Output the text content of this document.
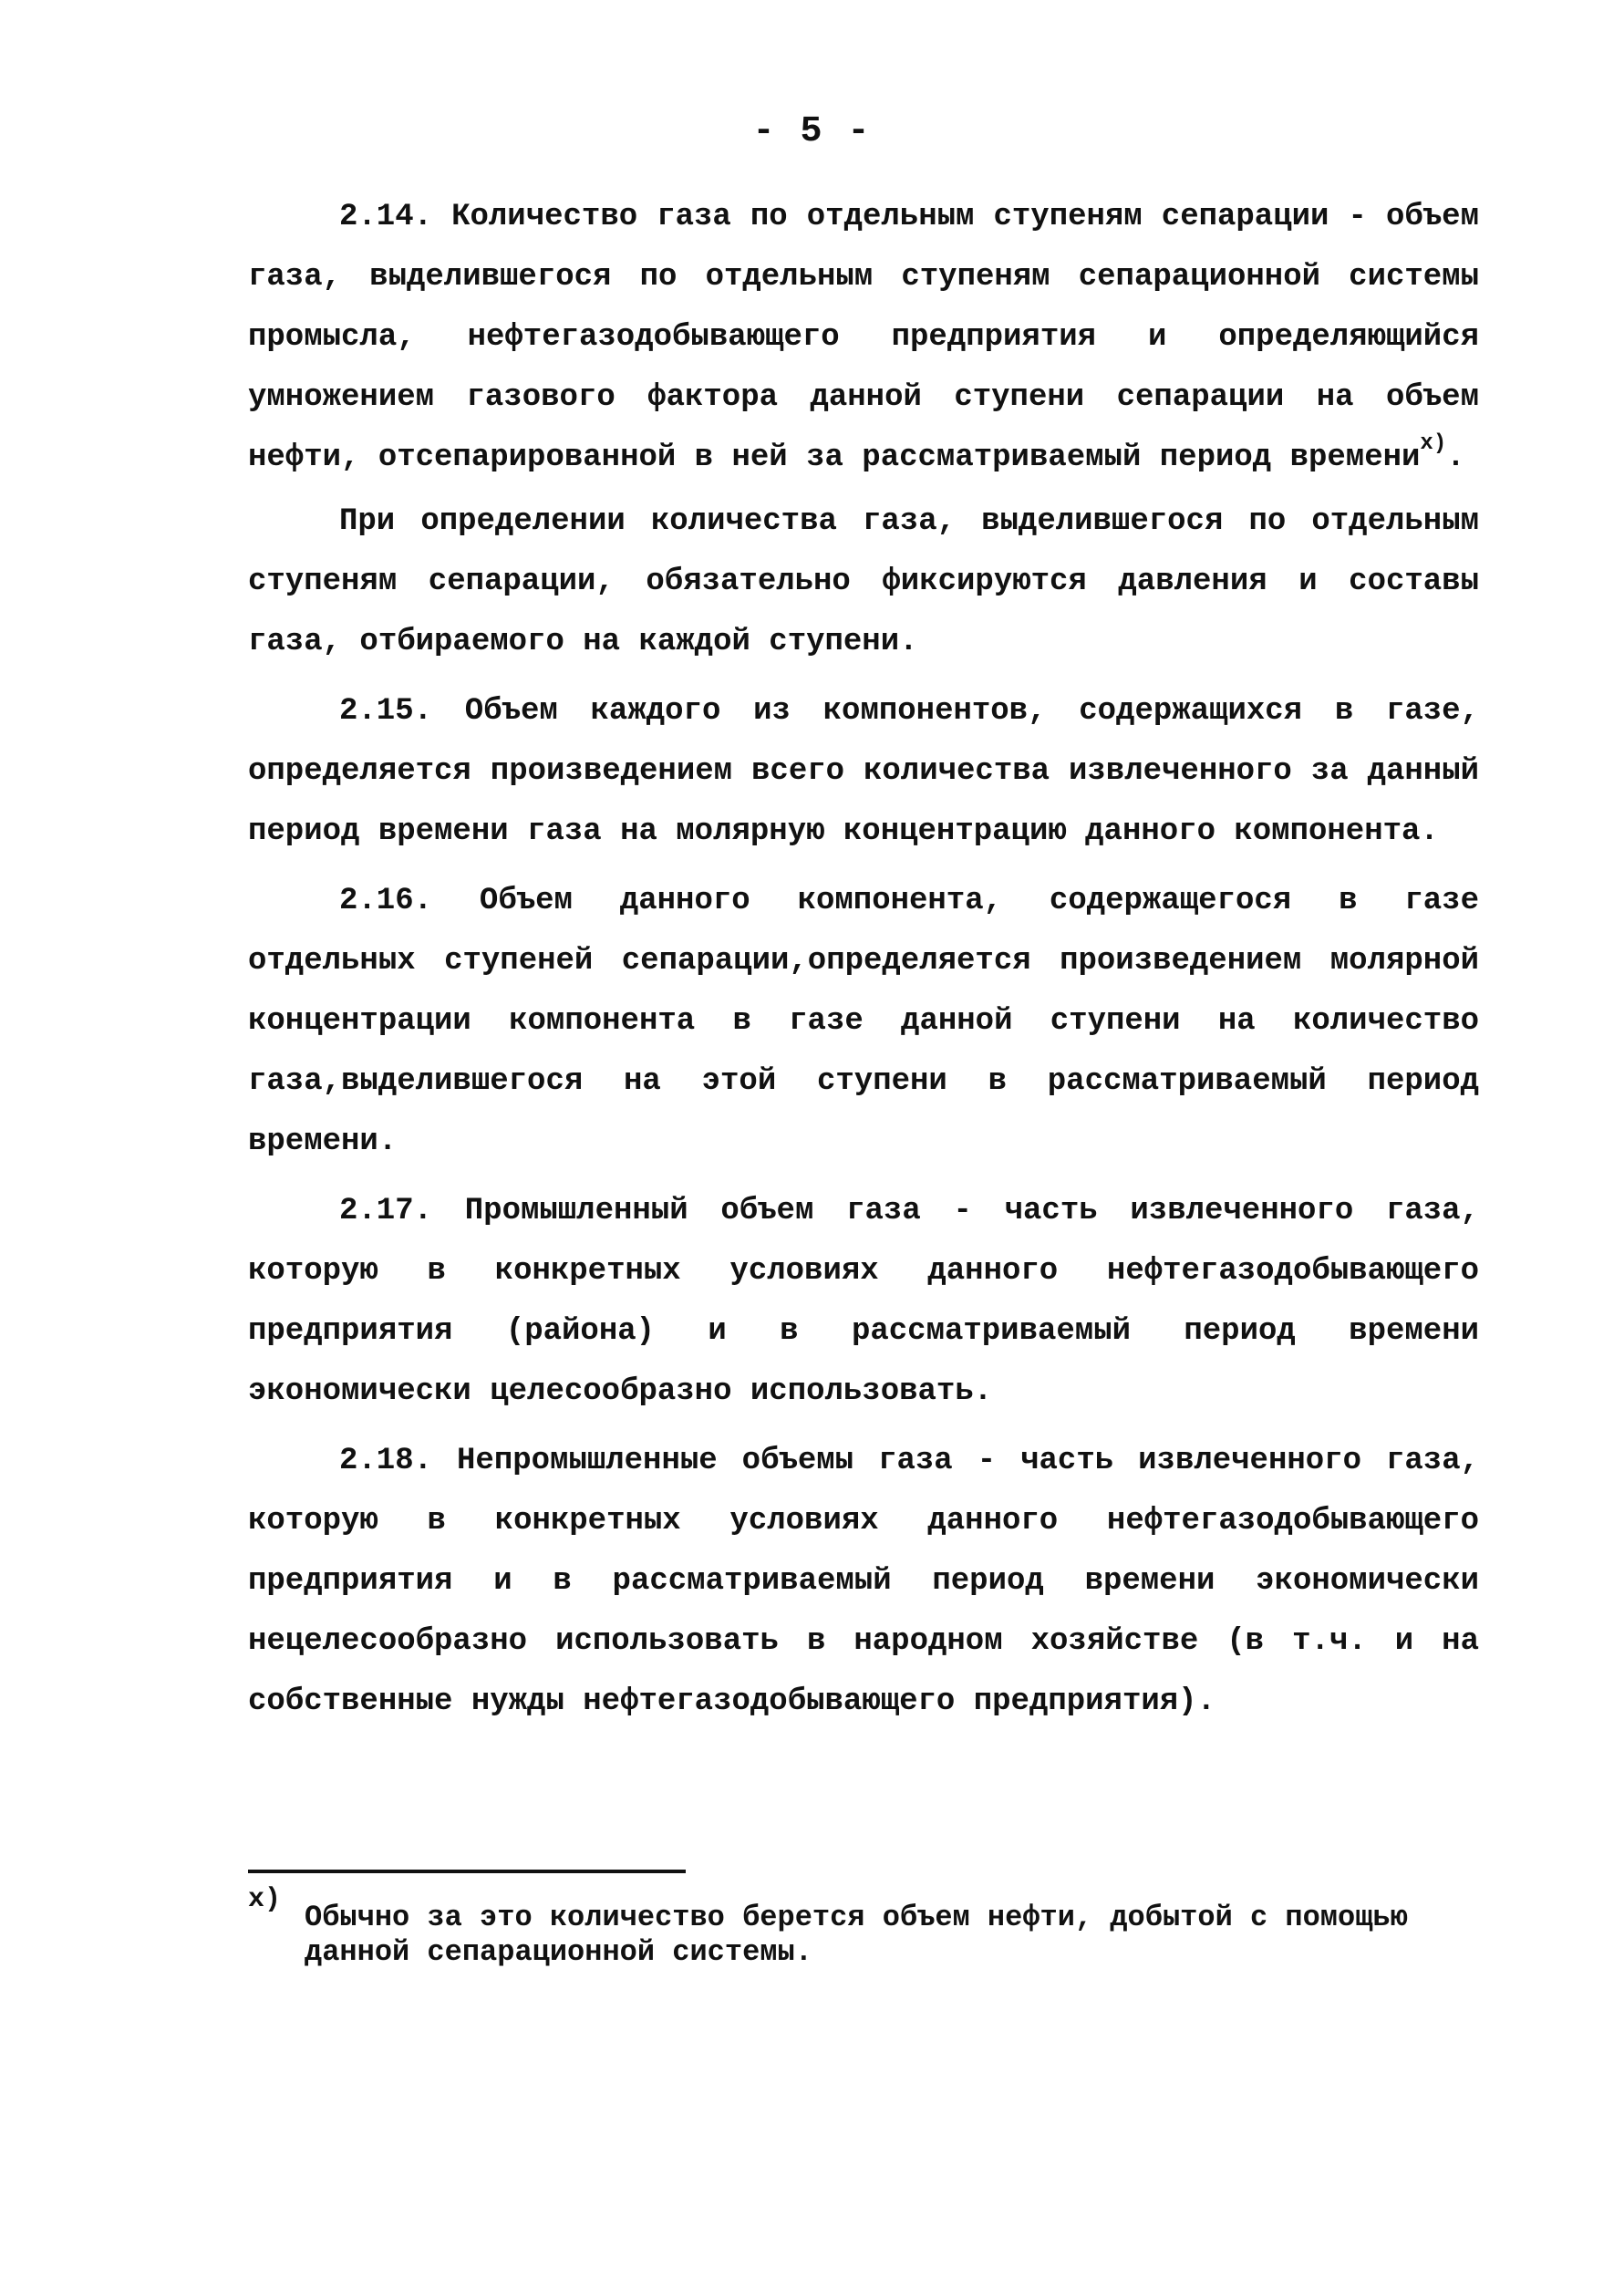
- 5 -

2.14. Количество газа по отдельным ступеням сепарации - объем газа, выделившегося по отдельным ступеням сепарационной системы промысла, нефтегазодобывающего предприятия и определяющийся умножением газового фактора данной ступени сепарации на объем нефти, отсепарированной в ней за рассматриваемый период времени$^{x)}$.

При определении количества газа, выделившегося по отдельным ступеням сепарации, обязательно фиксируются давления и составы газа, отбираемого на каждой ступени.

2.15. Объем каждого из компонентов, содержащихся в газе, определяется произведением всего количества извлеченного за данный период времени газа на молярную концентрацию данного компонента.

2.16. Объем данного компонента, содержащегося в газе отдельных ступеней сепарации,определяется произведением молярной концентрации компонента в газе данной ступени на количество газа,выделившегося на этой ступени в рассматриваемый период времени.

2.17. Промышленный объем газа - часть извлеченного газа, которую в конкретных условиях данного нефтегазодобывающего предприятия (района) и в рассматриваемый период времени экономически целесообразно использовать.

2.18. Непромышленные объемы газа - часть извлеченного газа, которую в конкретных условиях данного нефтегазодобывающего предприятия и в рассматриваемый период времени экономически нецелесообразно использовать в народном хозяйстве (в т.ч. и на собственные нужды нефтегазодобывающего предприятия).

x)
Обычно за это количество берется объем нефти, добытой с помощью данной сепарационной системы.
